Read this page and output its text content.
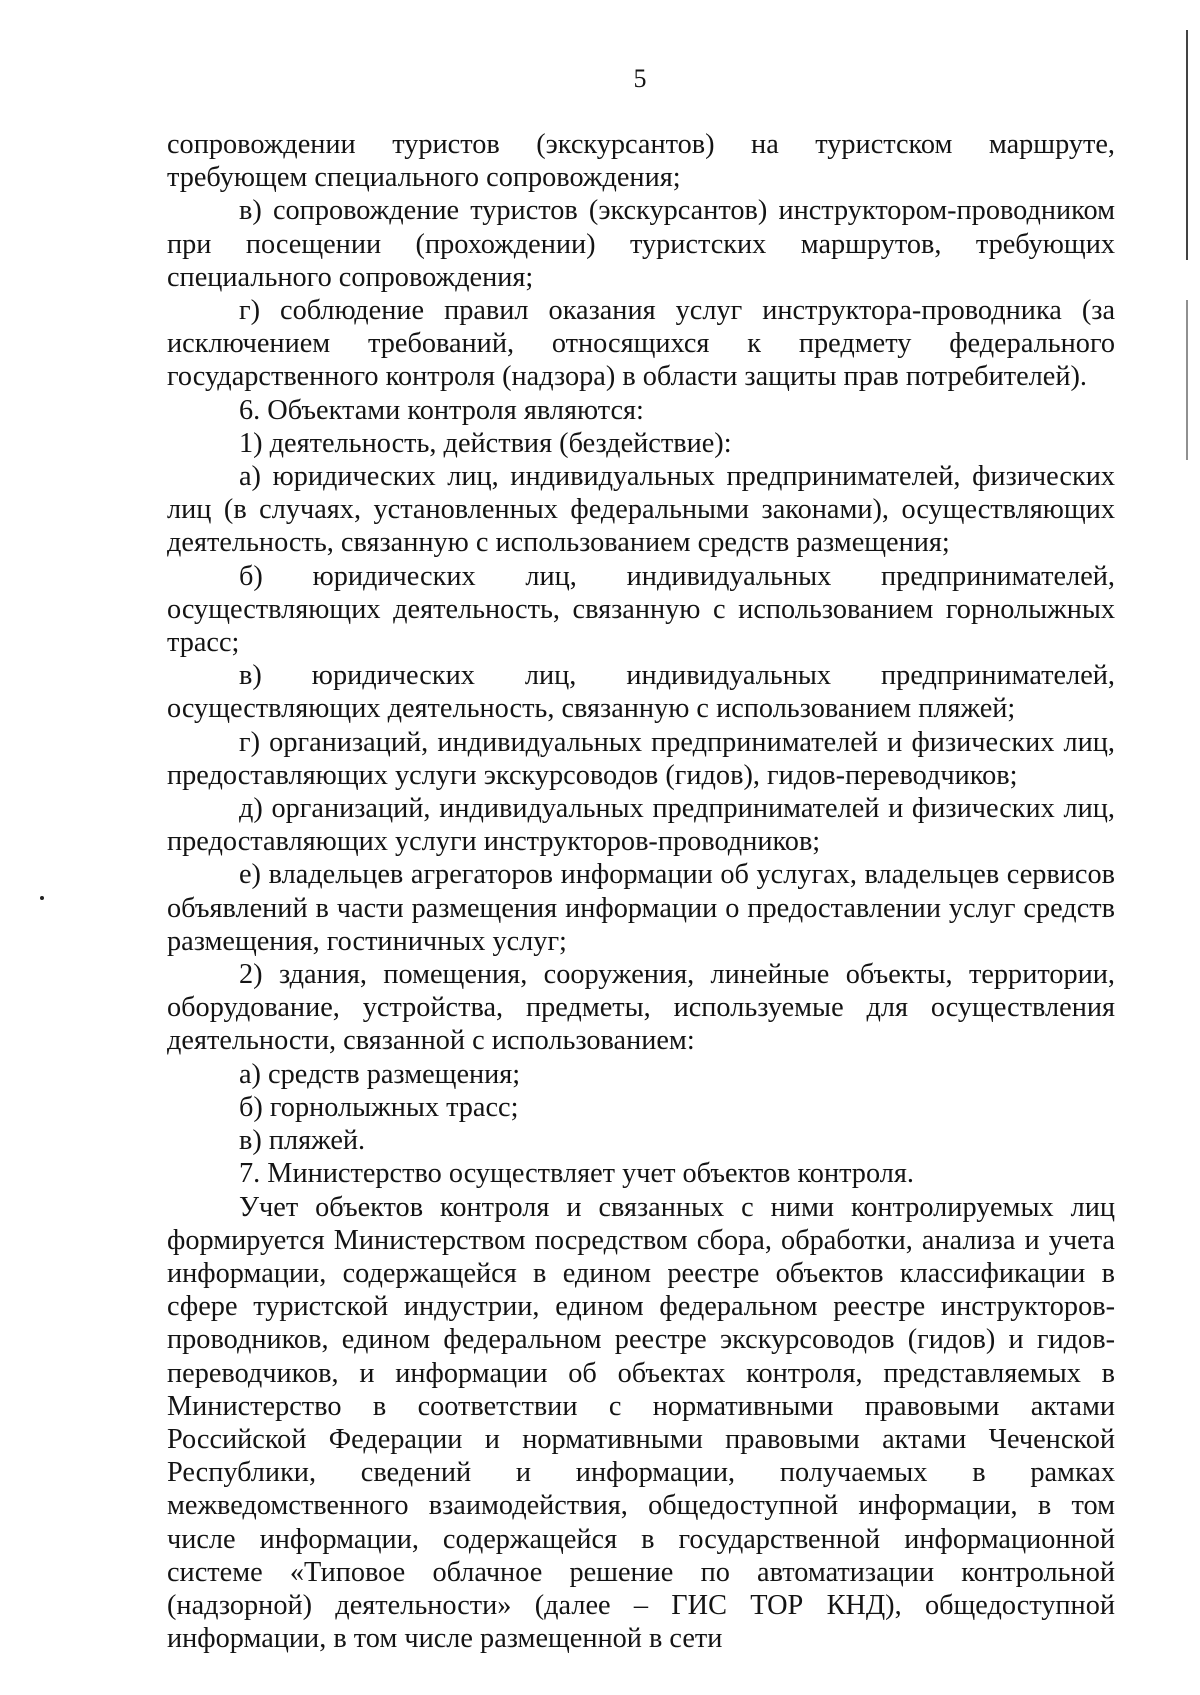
5

сопровождении туристов (экскурсантов) на туристском маршруте, требующем специального сопровождения;

в) сопровождение туристов (экскурсантов) инструктором-проводником при посещении (прохождении) туристских маршрутов, требующих специального сопровождения;

г) соблюдение правил оказания услуг инструктора-проводника (за исключением требований, относящихся к предмету федерального государственного контроля (надзора) в области защиты прав потребителей).

6. Объектами контроля являются:

1) деятельность, действия (бездействие):

а) юридических лиц, индивидуальных предпринимателей, физических лиц (в случаях, установленных федеральными законами), осуществляющих деятельность, связанную с использованием средств размещения;

б) юридических лиц, индивидуальных предпринимателей, осуществляющих деятельность, связанную с использованием горнолыжных трасс;

в) юридических лиц, индивидуальных предпринимателей, осуществляющих деятельность, связанную с использованием пляжей;

г) организаций, индивидуальных предпринимателей и физических лиц, предоставляющих услуги экскурсоводов (гидов), гидов-переводчиков;

д) организаций, индивидуальных предпринимателей и физических лиц, предоставляющих услуги инструкторов-проводников;

е) владельцев агрегаторов информации об услугах, владельцев сервисов объявлений в части размещения информации о предоставлении услуг средств размещения, гостиничных услуг;

2) здания, помещения, сооружения, линейные объекты, территории, оборудование, устройства, предметы, используемые для осуществления деятельности, связанной с использованием:

а) средств размещения;

б) горнолыжных трасс;

в) пляжей.

7. Министерство осуществляет учет объектов контроля.

Учет объектов контроля и связанных с ними контролируемых лиц формируется Министерством посредством сбора, обработки, анализа и учета информации, содержащейся в едином реестре объектов классификации в сфере туристской индустрии, едином федеральном реестре инструкторов-проводников, едином федеральном реестре экскурсоводов (гидов) и гидов-переводчиков, и информации об объектах контроля, представляемых в Министерство в соответствии с нормативными правовыми актами Российской Федерации и нормативными правовыми актами Чеченской Республики, сведений и информации, получаемых в рамках межведомственного взаимодействия, общедоступной информации, в том числе информации, содержащейся в государственной информационной системе «Типовое облачное решение по автоматизации контрольной (надзорной) деятельности» (далее – ГИС ТОР КНД), общедоступной информации, в том числе размещенной в сети
